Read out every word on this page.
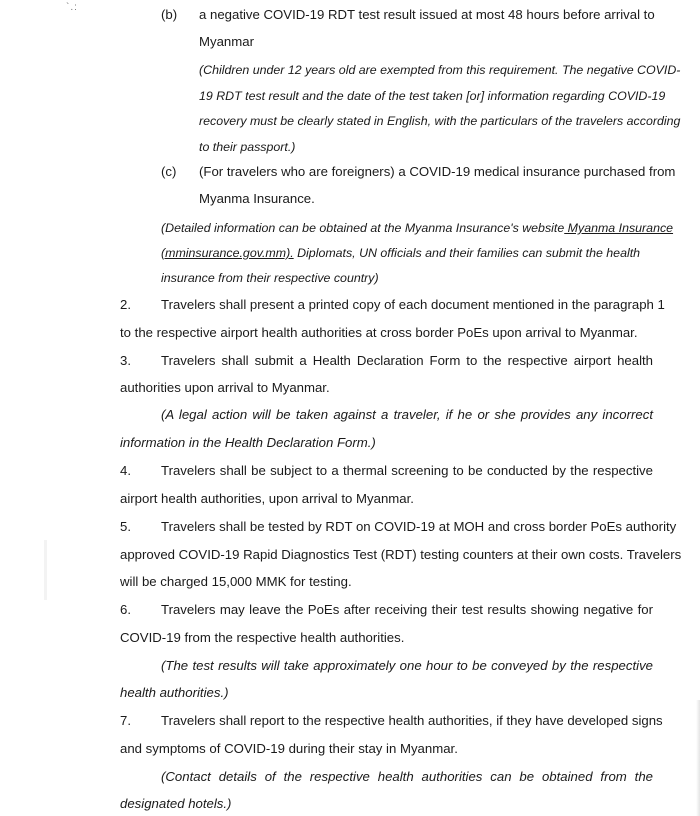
`.:	(b) a negative COVID-19 RDT test result issued at most 48 hours before arrival to
Myanmar
(Children under 12 years old are exempted from this requirement. The negative COVID-
19 RDT test result and the date of the test taken [or] information regarding COVID-19
recovery must be clearly stated in English, with the particulars of the travelers according
to their passport.)
(c) (For travelers who are foreigners) a COVID-19 medical insurance purchased from
Myanma Insurance.
(Detailed information can be obtained at the Myanma Insurance's website Myanma Insurance
(mminsurance.gov.mm). Diplomats, UN officials and their families can submit the health
insurance from their respective country)
2. Travelers shall present a printed copy of each document mentioned in the paragraph 1
to the respective airport health authorities at cross border PoEs upon arrival to Myanmar.
3. Travelers shall submit a Health Declaration Form to the respective airport health
authorities upon arrival to Myanmar.
(A legal action will be taken against a traveler, if he or she provides any incorrect
information in the Health Declaration Form.)
4. Travelers shall be subject to a thermal screening to be conducted by the respective
airport health authorities, upon arrival to Myanmar.
5. Travelers shall be tested by RDT on COVID-19 at MOH and cross border PoEs authority
approved COVID-19 Rapid Diagnostics Test (RDT) testing counters at their own costs. Travelers
will be charged 15,000 MMK for testing.
6. Travelers may leave the PoEs after receiving their test results showing negative for
COVID-19 from the respective health authorities.
(The test results will take approximately one hour to be conveyed by the respective
health authorities.)
7. Travelers shall report to the respective health authorities, if they have developed signs
and symptoms of COVID-19 during their stay in Myanmar.
(Contact details of the respective health authorities can be obtained from the
designated hotels.)
